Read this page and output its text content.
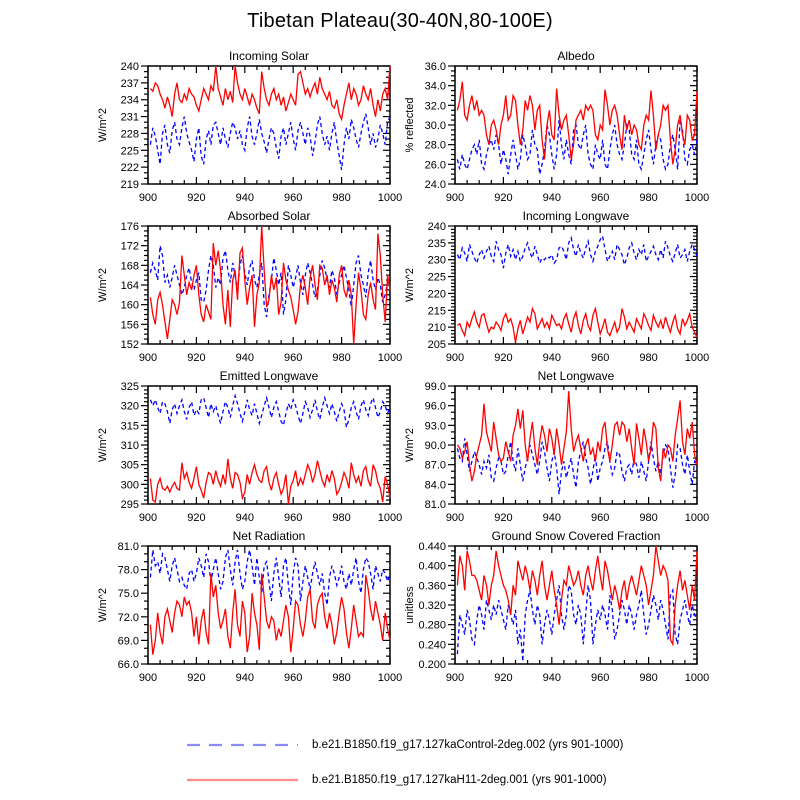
Tibetan Plateau(30-40N,80-100E)
Incoming Solar
W/m^2
219
222
225
228
231
234
237
240
900	920	940	960	980 1000
Albedo
% reflected
24.0
26.0
28.0
30.0
32.0
34.0
36.0
900	920	940	960	980 1000
Absorbed Solar
W/m^2
152
156
160
164
168
172
176
900	920	940	960	980 1000
Incoming Longwave
W/m^2
205
210
215
220
225
230
235
240
900	920	940	960	980 1000
Emitted Longwave
W/m^2
295
300
305
310
315
320
325
900	920	940	960	980 1000
Net Longwave
W/m^2
81.0
84.0
87.0
90.0
93.0
96.0
99.0
900	920	940	960	980 1000
Net Radiation
W/m^2
66.0
69.0
72.0
75.0
78.0
81.0
900	920	940	960	980 1000
Ground Snow Covered Fraction
unitless
0.200
0.240
0.280
0.320
0.360
0.400
0.440
900	920	940	960	980 1000
b.e21.B1850.f19_g17.127kaControl-2deg.002 (yrs 901-1000)
b.e21.B1850.f19_g17.127kaH11-2deg.001 (yrs 901-1000)
